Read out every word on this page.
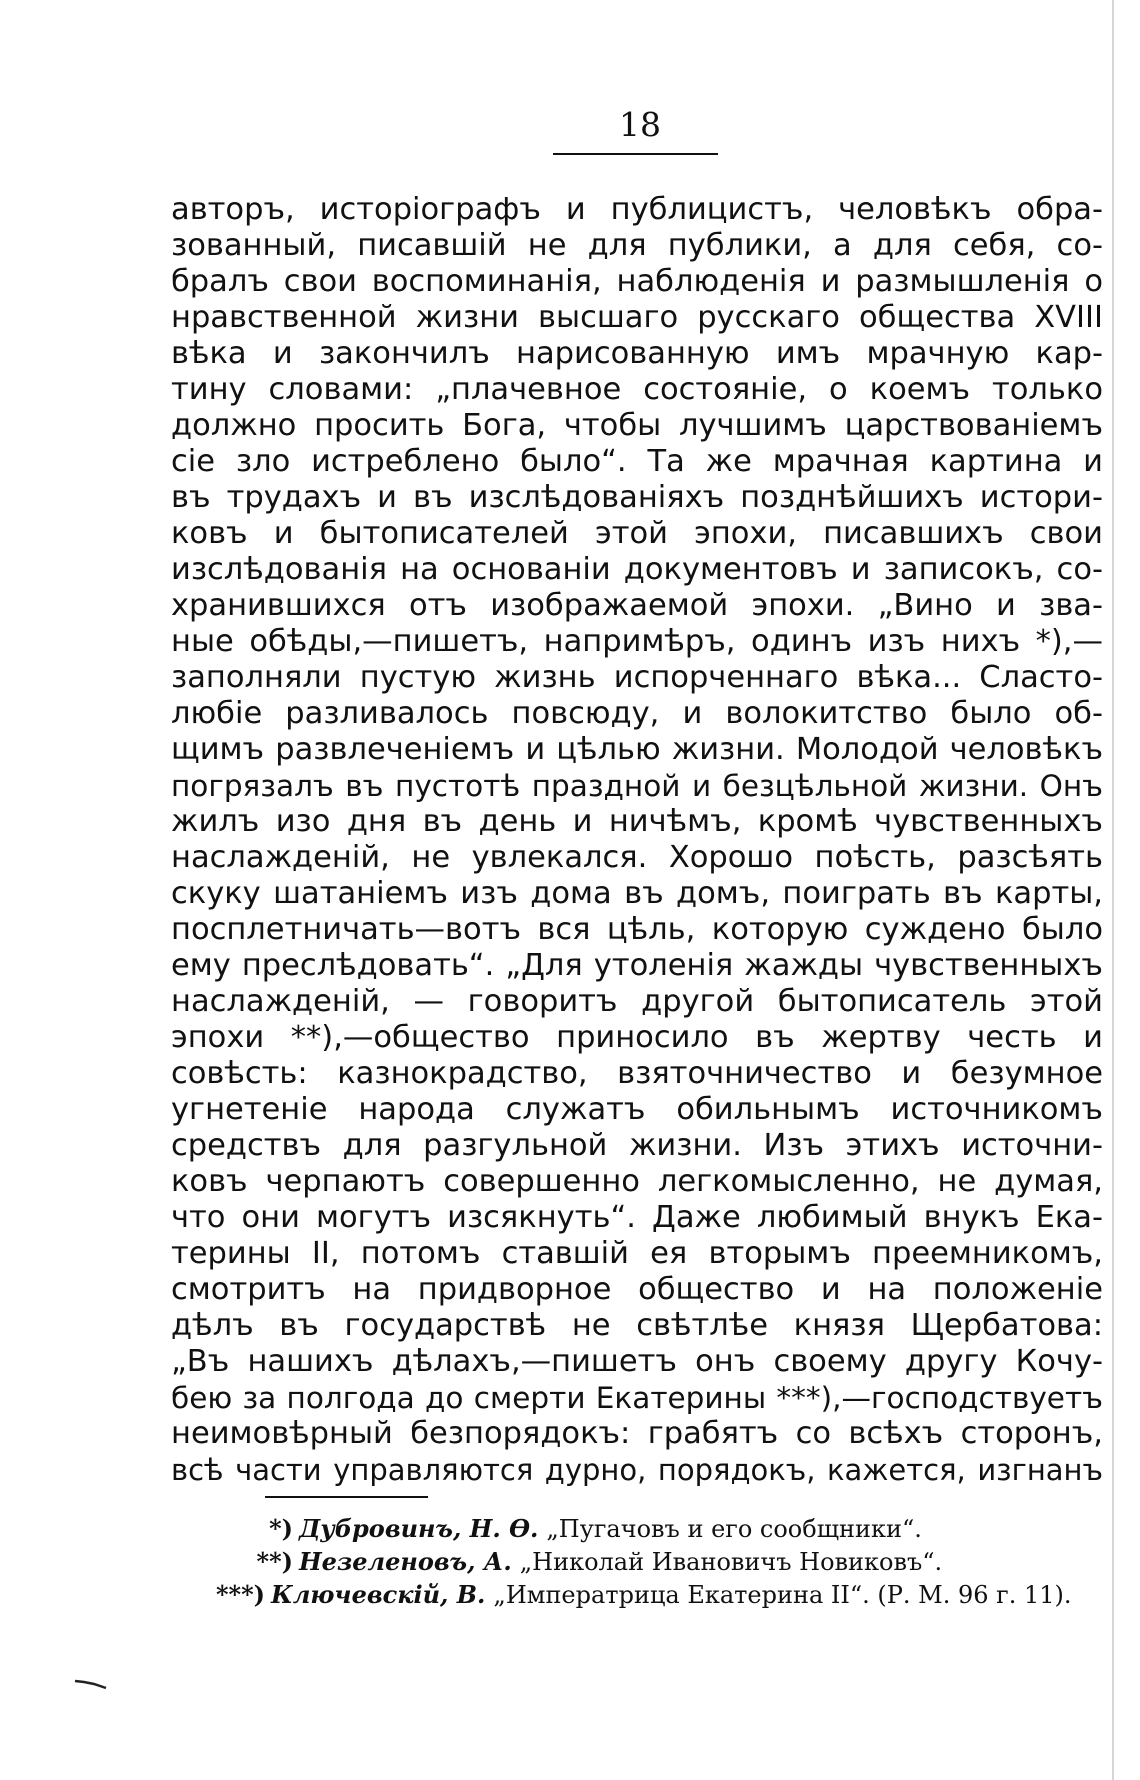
18
авторъ, исторіографъ и публицистъ, человѣкъ обра-
зованный, писавшій не для публики, а для себя, со-
бралъ свои воспоминанія, наблюденія и размышленія о
нравственной жизни высшаго русскаго общества XVIII
вѣка и закончилъ нарисованную имъ мрачную кар-
тину словами: „плачевное состояніе, о коемъ только
должно просить Бога, чтобы лучшимъ царствованіемъ
сіе зло истреблено было“. Та же мрачная картина и
въ трудахъ и въ изслѣдованіяхъ позднѣйшихъ истори-
ковъ и бытописателей этой эпохи, писавшихъ свои
изслѣдованія на основаніи документовъ и записокъ, со-
хранившихся отъ изображаемой эпохи. „Вино и зва-
ные обѣды,—пишетъ, напримѣръ, одинъ изъ нихъ *),—
заполняли пустую жизнь испорченнаго вѣка... Сласто-
любіе разливалось повсюду, и волокитство было об-
щимъ развлеченіемъ и цѣлью жизни. Молодой человѣкъ
погрязалъ въ пустотѣ праздной и безцѣльной жизни. Онъ
жилъ изо дня въ день и ничѣмъ, кромѣ чувственныхъ
наслажденій, не увлекался. Хорошо поѣсть, разсѣять
скуку шатаніемъ изъ дома въ домъ, поиграть въ карты,
посплетничать—вотъ вся цѣль, которую суждено было
ему преслѣдовать“. „Для утоленія жажды чувственныхъ
наслажденій, — говоритъ другой бытописатель этой
эпохи **),—общество приносило въ жертву честь и
совѣсть: казнокрадство, взяточничество и безумное
угнетеніе народа служатъ обильнымъ источникомъ
средствъ для разгульной жизни. Изъ этихъ источни-
ковъ черпаютъ совершенно легкомысленно, не думая,
что они могутъ изсякнуть“. Даже любимый внукъ Ека-
терины II, потомъ ставшій ея вторымъ преемникомъ,
смотритъ на придворное общество и на положеніе
дѣлъ въ государствѣ не свѣтлѣе князя Щербатова:
„Въ нашихъ дѣлахъ,—пишетъ онъ своему другу Кочу-
бею за полгода до смерти Екатерины ***),—господствуетъ
неимовѣрный безпорядокъ: грабятъ со всѣхъ сторонъ,
всѣ части управляются дурно, порядокъ, кажется, изгнанъ
*) Дубровинъ, Н. Ѳ. „Пугачовъ и его сообщники“.
**) Незеленовъ, А. „Николай Ивановичъ Новиковъ“.
***) Ключевскій, В. „Императрица Екатерина II“. (Р. М. 96 г. 11).
